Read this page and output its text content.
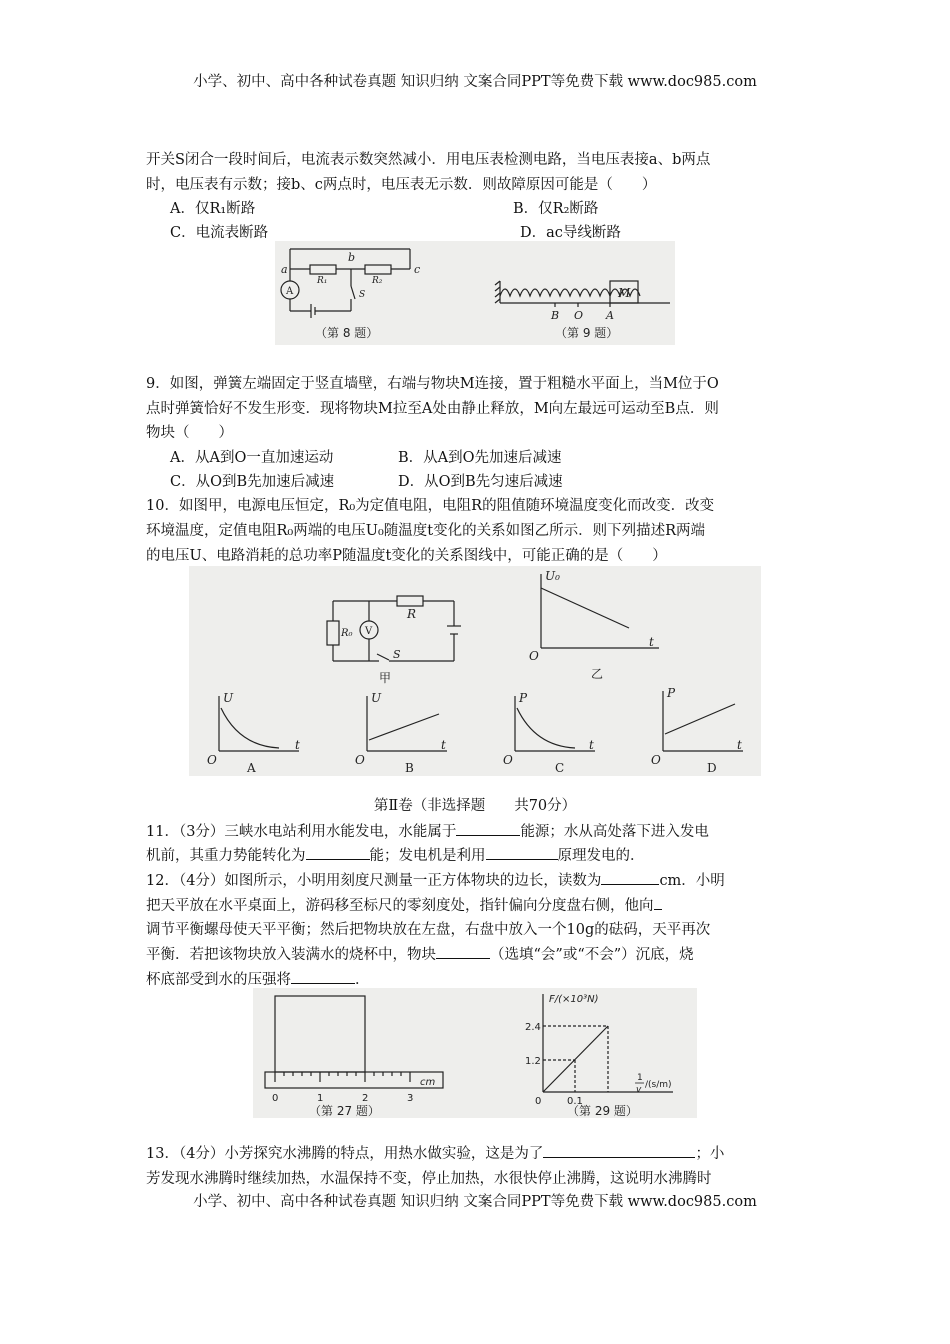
小学、初中、高中各种试卷真题 知识归纳 文案合同PPT等免费下载 www.doc985.com
开关S闭合一段时间后，电流表示数突然减小．用电压表检测电路，当电压表接a、b两点
时，电压表有示数；接b、c两点时，电压表无示数．则故障原因可能是（　　）
A．仅R₁断路	B．仅R₂断路
C．电流表断路	D．ac导线断路
a
b
c
R₁	R₂
S
A	M
B O A
（第 8 题）	（第 9 题）
9．如图，弹簧左端固定于竖直墙壁，右端与物块M连接，置于粗糙水平面上，当M位于O
点时弹簧恰好不发生形变．现将物块M拉至A处由静止释放，M向左最远可运动至B点．则
物块（　　）
A．从A到O一直加速运动	B．从A到O先加速后减速
C．从O到B先加速后减速	D．从O到B先匀速后减速
10．如图甲，电源电压恒定，R₀为定值电阻，电阻R的阻值随环境温度变化而改变．改变
环境温度，定值电阻R₀两端的电压U₀随温度t变化的关系如图乙所示．则下列描述R两端
的电压U、电路消耗的总功率P随温度t变化的关系图线中，可能正确的是（　　）
R
R₀ V
S
甲
U₀
t
O
乙
U
t
O
A
U
t
O
B
P
t
O
C
P
t
O
D
第Ⅱ卷（非选择题　　共70分）
11．（3分）三峡水电站利用水能发电，水能属于	能源；水从高处落下进入发电
机前，其重力势能转化为	能；发电机是利用	原理发电的．
12．（4分）如图所示，小明用刻度尺测量一正方体物块的边长，读数为	cm．小明
把天平放在水平桌面上，游码移至标尺的零刻度处，指针偏向分度盘右侧，他向
调节平衡螺母使天平平衡；然后把物块放在左盘，右盘中放入一个10g的砝码，天平再次
平衡．若把该物块放入装满水的烧杯中，物块	（选填“会”或“不会”）沉底，烧
杯底部受到水的压强将	．
0	1	2	3
cm
1.2
2.4
0.1
0
F/(×10³N)
1
v /(s/m)
（第 27 题）	（第 29 题）
13．（4分）小芳探究水沸腾的特点，用热水做实验，这是为了	；小
芳发现水沸腾时继续加热，水温保持不变，停止加热，水很快停止沸腾，这说明水沸腾时
小学、初中、高中各种试卷真题 知识归纳 文案合同PPT等免费下载 www.doc985.com
